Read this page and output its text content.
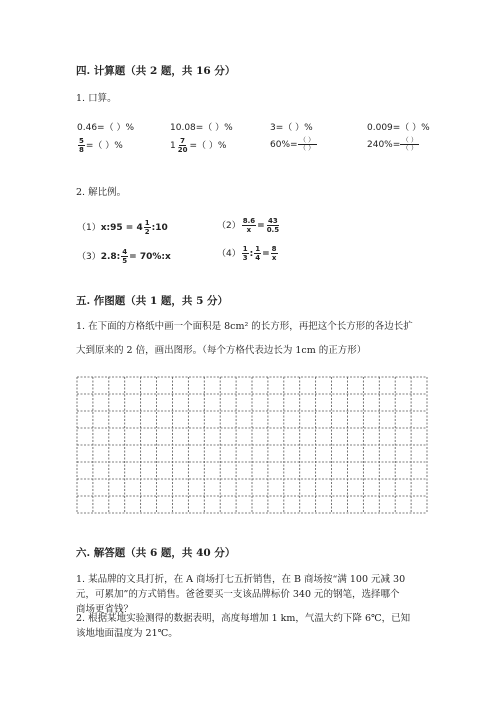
四. 计算题（共 2 题，共 16 分）
1. 口算。
0.46=（ ）%	10.08=（ ）%	3=（ ）%	0.009=（ ）%
$\frac{5}{8}$ =（ ）%	$1 \frac{7}{20}$ =（ ）%	$60\%= \frac{( )}{( )}$	$240\%= \frac{( )}{( )}$
2. 解比例。
（1）x:95 = $4 \frac{1}{2}$ :10	$(2) \frac{8.6}{x} = \frac{43}{0.5}$
（3）2.8: $\frac{4}{5}$ = 70%:x	$(4) \frac{1}{3}$ : $\frac{1}{4} = \frac{8}{x}$
五. 作图题（共 1 题，共 5 分）
1. 在下面的方格纸中画一个面积是 8cm² 的长方形，再把这个长方形的各边长扩
大到原来的 2 倍，画出图形。（每个方格代表边长为 1cm 的正方形）
六. 解答题（共 6 题，共 40 分）
1. 某品牌的文具打折，在 A 商场打七五折销售，在 B 商场按“满 100 元减 30
元，可累加”的方式销售。爸爸要买一支该品牌标价 340 元的钢笔，选择哪个
商场更省钱？
2. 根据某地实验测得的数据表明，高度每增加 1 km，气温大约下降 6℃，已知
该地地面温度为 21℃。
